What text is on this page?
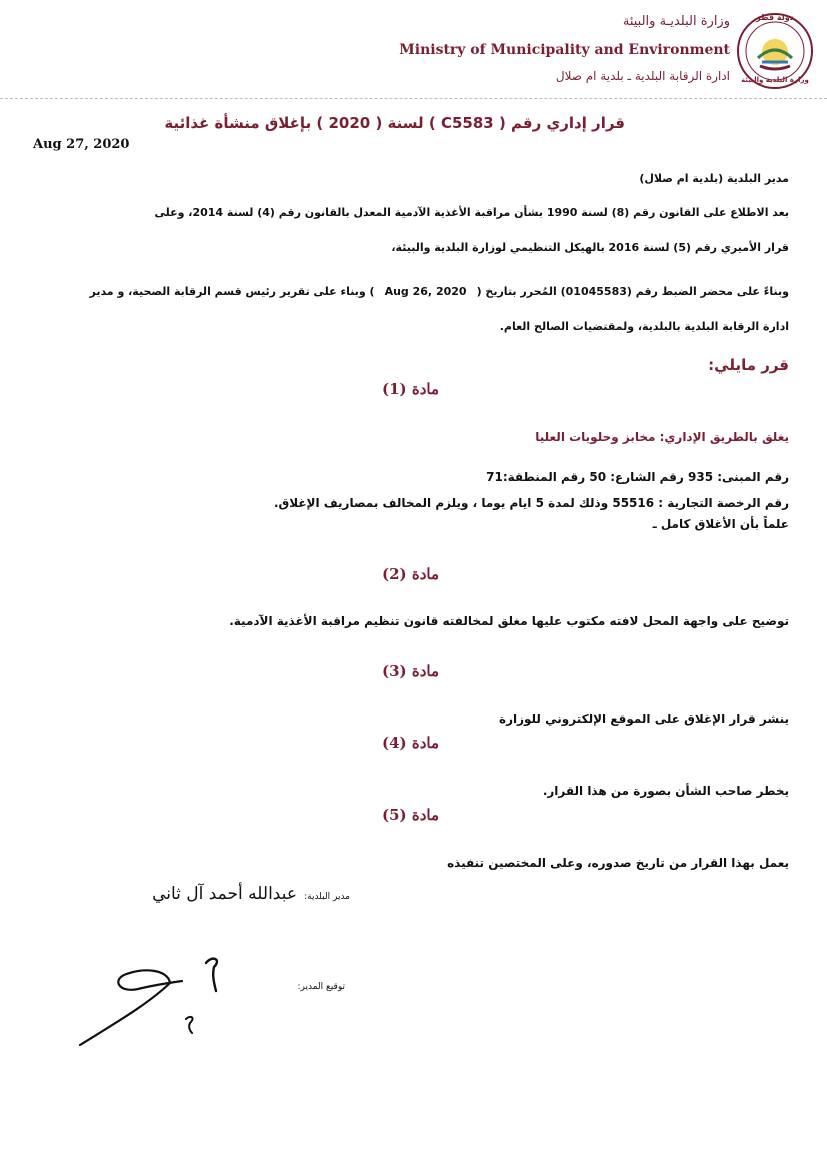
دولة قطر
وزارة البلدية والبيئة
وزارة البلديـة والبيئة
Ministry of Municipality and Environment
ادارة الرقابة البلدية ـ بلدية ام صلال
قرار إداري رقم ( C5583 ) لسنة ( 2020 ) بإغلاق منشأة غذائية
Aug 27, 2020
مدير البلدية (بلدية ام صلال)
بعد الاطلاع على القانون رقم (8) لسنة 1990 بشأن مراقبة الأغذية الآدمية المعدل بالقانون رقم (4) لسنة 2014، وعلى
قرار الأميري رقم (5) لسنة 2016 بالهيكل التنظيمي لوزارة البلدية والبيئة،
وبناءً على محضر الضبط رقم (01045583) المُحرر بتاريخ (Aug 26, 2020) وبناء على تقرير رئيس قسم الرقابة الصحية، و مدير
ادارة الرقابة البلدية بالبلدية، ولمقتضيات الصالح العام.
قرر مايلي:
مادة (1)
يغلق بالطريق الإداري: مخابز وحلويات العليا
رقم المبنى: 935 رقم الشارع: 50 رقم المنطقة:71
رقم الرخصة التجارية : 55516 وذلك لمدة 5 ايام يوما ، ويلزم المخالف بمصاريف الإغلاق.
علماً بأن الأغلاق كامل ـ
مادة (2)
توضيح على واجهة المحل لافته مكتوب عليها مغلق لمخالفته قانون تنظيم مراقبة الأغذية الآدمية.
مادة (3)
ينشر قرار الإغلاق على الموقع الإلكتروني للوزارة
مادة (4)
يخطر صاحب الشأن بصورة من هذا القرار.
مادة (5)
يعمل بهذا القرار من تاريخ صدوره، وعلى المختصين تنفيذه
مدير البلدية:
عبدالله أحمد آل ثاني
توقيع المدير:
